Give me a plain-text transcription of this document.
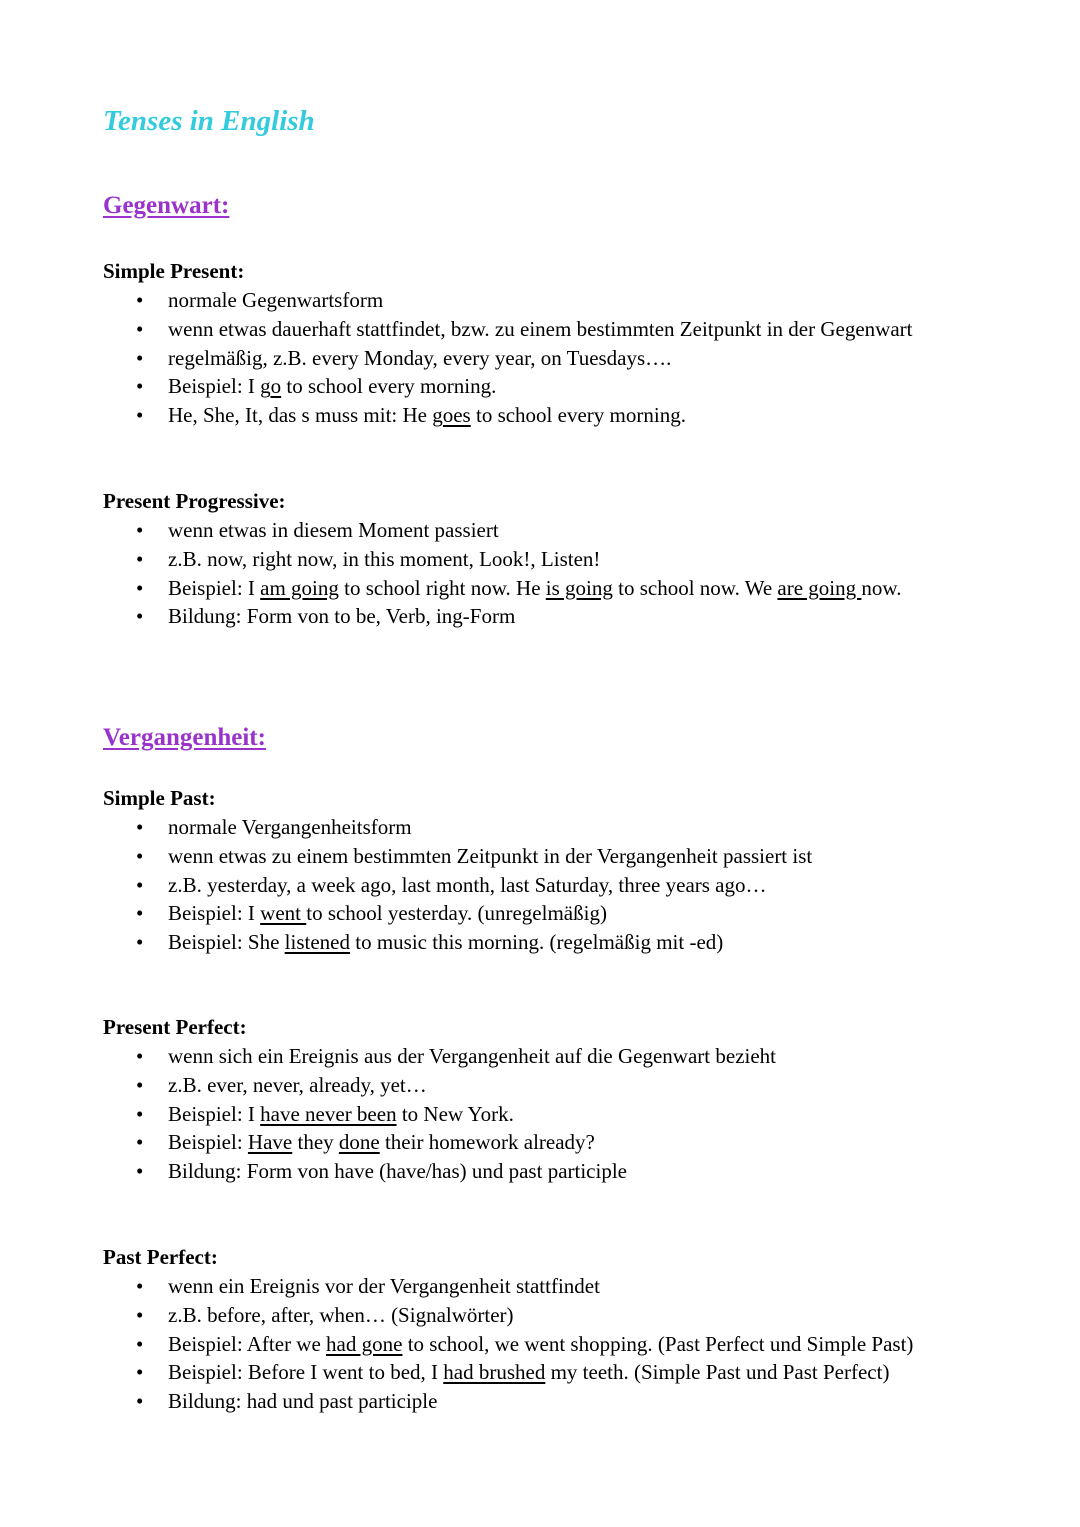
Tenses in English
Gegenwart:
Simple Present:
• normale Gegenwartsform
• wenn etwas dauerhaft stattfindet, bzw. zu einem bestimmten Zeitpunkt in der Gegenwart
• regelmäßig, z.B. every Monday, every year, on Tuesdays….
• Beispiel: I go to school every morning.
• He, She, It, das s muss mit: He goes to school every morning.
Present Progressive:
• wenn etwas in diesem Moment passiert
• z.B. now, right now, in this moment, Look!, Listen!
• Beispiel: I am going to school right now. He is going to school now. We are going now.
• Bildung: Form von to be, Verb, ing-Form
Vergangenheit:
Simple Past:
• normale Vergangenheitsform
• wenn etwas zu einem bestimmten Zeitpunkt in der Vergangenheit passiert ist
• z.B. yesterday, a week ago, last month, last Saturday, three years ago…
• Beispiel: I went to school yesterday. (unregelmäßig)
• Beispiel: She listened to music this morning. (regelmäßig mit -ed)
Present Perfect:
• wenn sich ein Ereignis aus der Vergangenheit auf die Gegenwart bezieht
• z.B. ever, never, already, yet…
• Beispiel: I have never been to New York.
• Beispiel: Have they done their homework already?
• Bildung: Form von have (have/has) und past participle
Past Perfect:
• wenn ein Ereignis vor der Vergangenheit stattfindet
• z.B. before, after, when… (Signalwörter)
• Beispiel: After we had gone to school, we went shopping. (Past Perfect und Simple Past)
• Beispiel: Before I went to bed, I had brushed my teeth. (Simple Past und Past Perfect)
• Bildung: had und past participle
